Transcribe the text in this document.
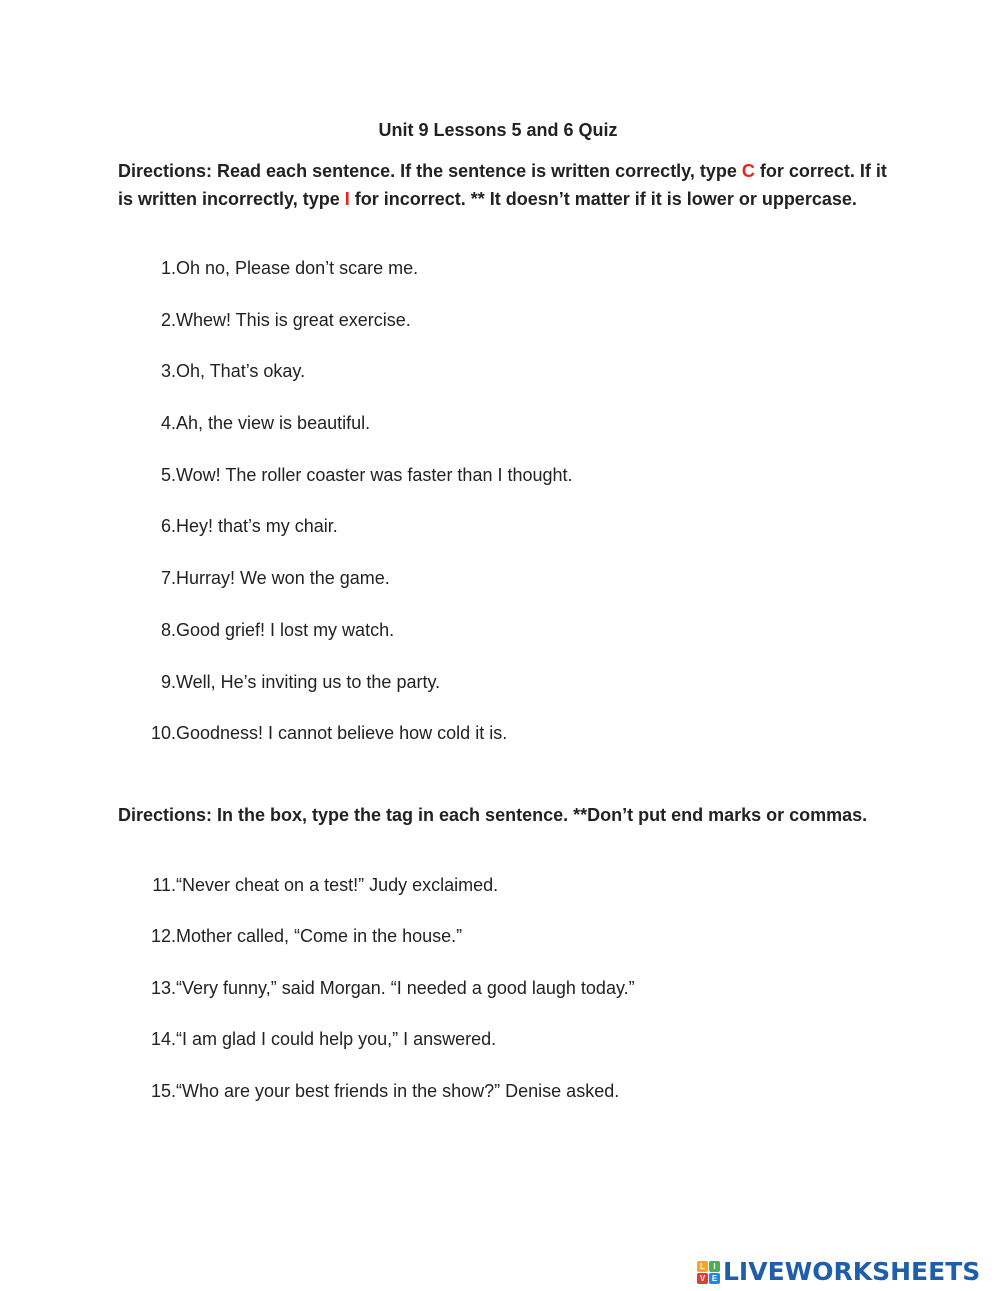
Unit 9 Lessons 5 and 6 Quiz
Directions: Read each sentence. If the sentence is written correctly, type C for correct. If it is written incorrectly, type I for incorrect. ** It doesn’t matter if it is lower or uppercase.
1. Oh no, Please don’t scare me.
2. Whew! This is great exercise.
3. Oh, That’s okay.
4. Ah, the view is beautiful.
5. Wow! The roller coaster was faster than I thought.
6. Hey! that’s my chair.
7. Hurray! We won the game.
8. Good grief! I lost my watch.
9. Well, He’s inviting us to the party.
10. Goodness! I cannot believe how cold it is.
Directions: In the box, type the tag in each sentence. **Don’t put end marks or commas.
11. “Never cheat on a test!” Judy exclaimed.
12. Mother called, “Come in the house.”
13. “Very funny,” said Morgan. “I needed a good laugh today.”
14. “I am glad I could help you,” I answered.
15. “Who are your best friends in the show?” Denise asked.
L	I
V E LIVEWORKSHEETS
